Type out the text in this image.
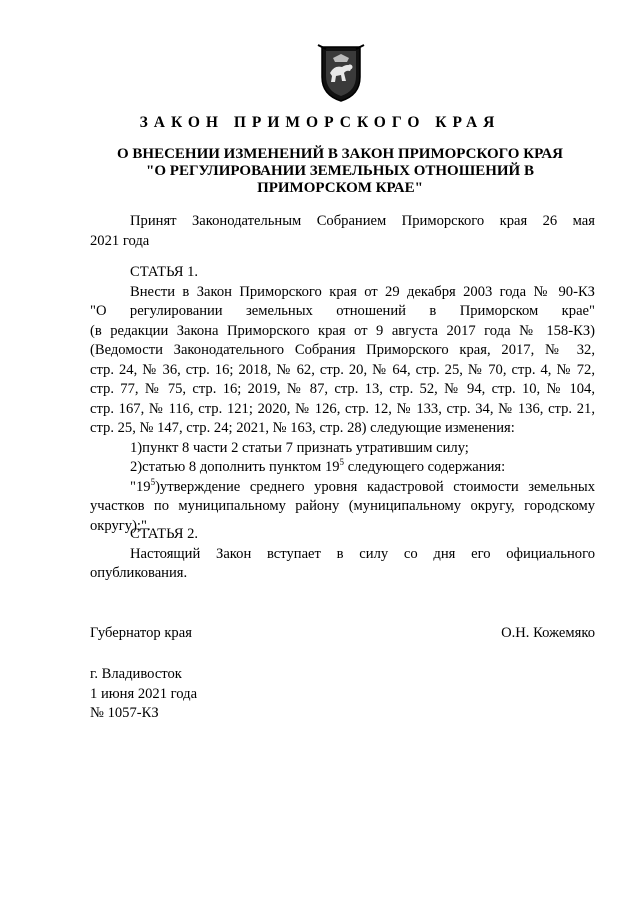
ЗАКОН ПРИМОРСКОГО КРАЯ
О ВНЕСЕНИИ ИЗМЕНЕНИЙ В ЗАКОН ПРИМОРСКОГО КРАЯ
"О РЕГУЛИРОВАНИИ ЗЕМЕЛЬНЫХ ОТНОШЕНИЙ В
ПРИМОРСКОМ КРАЕ"
Принят Законодательным Собранием Приморского края 26 мая
2021 года
СТАТЬЯ 1.
Внести в Закон Приморского края от 29 декабря 2003 года № 90-КЗ
"О регулировании земельных отношений в Приморском крае"
(в редакции Закона Приморского края от 9 августа 2017 года № 158-КЗ)
(Ведомости Законодательного Собрания Приморского края, 2017, № 32,
стр. 24, № 36, стр. 16; 2018, № 62, стр. 20, № 64, стр. 25, № 70, стр. 4, № 72,
стр. 77, № 75, стр. 16; 2019, № 87, стр. 13, стр. 52, № 94, стр. 10, № 104,
стр. 167, № 116, стр. 121; 2020, № 126, стр. 12, № 133, стр. 34, № 136, стр. 21,
стр. 25, № 147, стр. 24; 2021, № 163, стр. 28) следующие изменения:
1)пункт 8 части 2 статьи 7 признать утратившим силу;
2)статью 8 дополнить пунктом $19^5$ следующего содержания:
"$19^5)утверждение$ среднего уровня кадастровой стоимости земельных
участков по муниципальному району (муниципальному округу, городскому
округу);".
СТАТЬЯ 2.
Настоящий Закон вступает в силу со дня его официального
опубликования.
Губернатор края	О.Н. Кожемяко
г. Владивосток
1 июня 2021 года
№ 1057-КЗ
